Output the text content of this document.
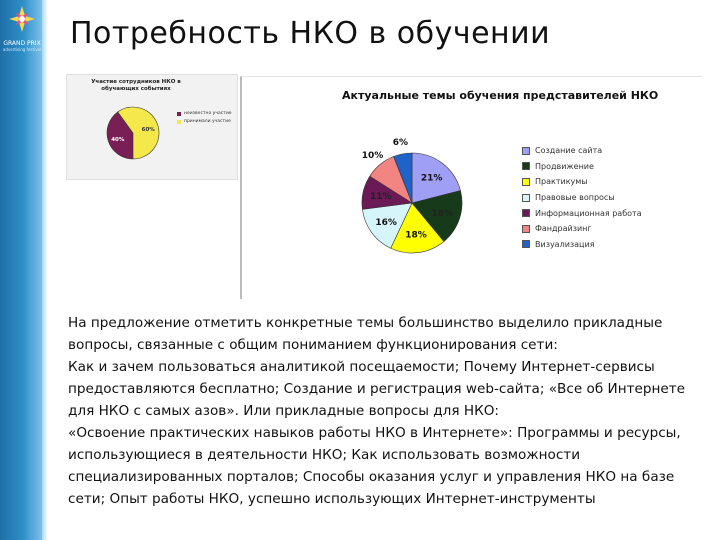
GRAND PRIX
advertising festival Потребность НКО в обучении
Участие сотрудников НКО в обучающих событиях
40%
60%
неизвестно участие
принимали участие
Актуальные темы обучения представителей НКО
21%
18%
18%
16%
11%
10%
6%
Создание сайта
Продвижение
Практикумы
Правовые вопросы
Информационная работа
Фандрайзинг
Визуализация

На предложение отметить конкретные темы большинство выделило прикладные вопросы, связанные с общим пониманием функционирования сети:

Как и зачем пользоваться аналитикой посещаемости; Почему Интернет-сервисы предоставляются бесплатно; Создание и регистрация web-сайта; «Все об Интернете для НКО с самых азов». Или прикладные вопросы для НКО:

«Освоение практических навыков работы НКО в Интернете»: Программы и ресурсы, использующиеся в деятельности НКО; Как использовать возможности специализированных порталов; Способы оказания услуг и управления НКО на базе сети; Опыт работы НКО, успешно использующих Интернет-инструменты
